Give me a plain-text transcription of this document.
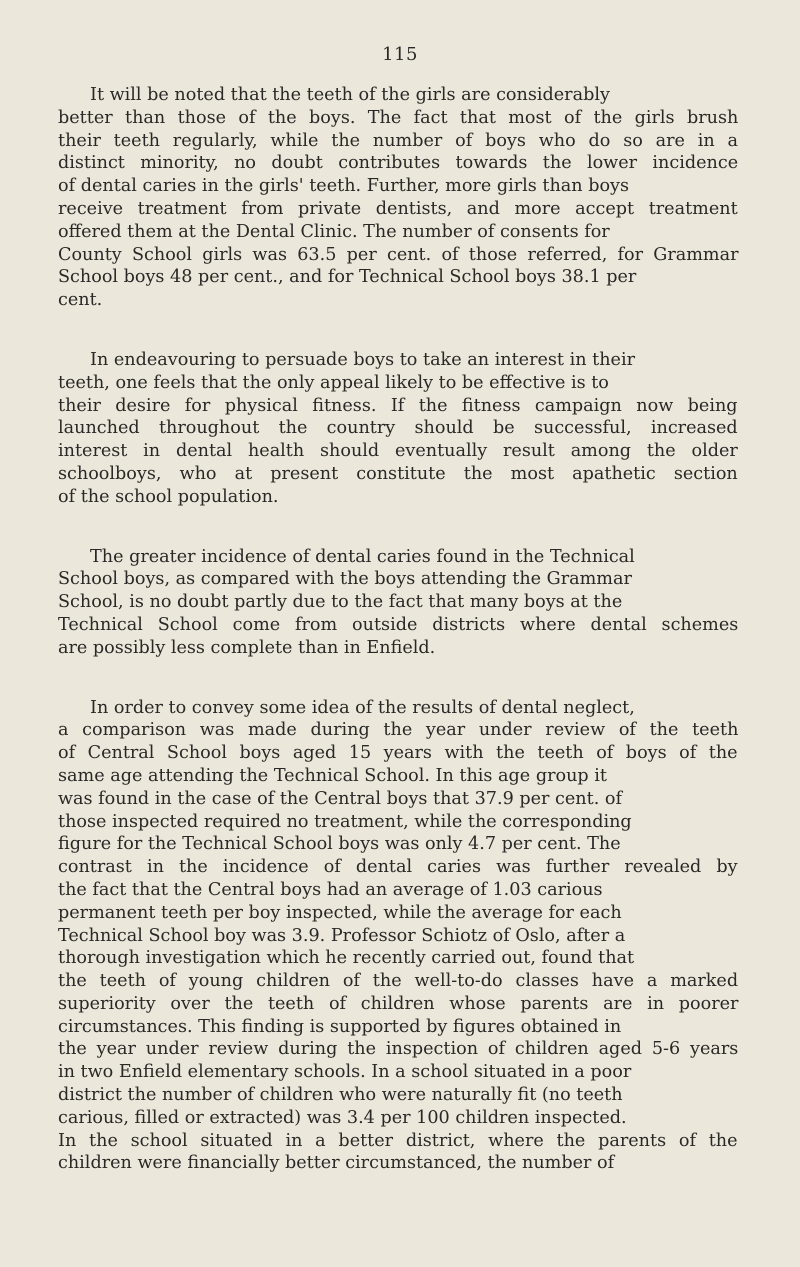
115

It will be noted that the teeth of the girls are considerably
better than those of the boys. The fact that most of the girls brush
their teeth regularly, while the number of boys who do so are in a
distinct minority, no doubt contributes towards the lower incidence
of dental caries in the girls' teeth. Further, more girls than boys
receive treatment from private dentists, and more accept treatment
offered them at the Dental Clinic. The number of consents for
County School girls was 63.5 per cent. of those referred, for Grammar
School boys 48 per cent., and for Technical School boys 38.1 per
cent.

In endeavouring to persuade boys to take an interest in their
teeth, one feels that the only appeal likely to be effective is to
their desire for physical fitness. If the fitness campaign now being
launched throughout the country should be successful, increased
interest in dental health should eventually result among the older
schoolboys, who at present constitute the most apathetic section
of the school population.

The greater incidence of dental caries found in the Technical
School boys, as compared with the boys attending the Grammar
School, is no doubt partly due to the fact that many boys at the
Technical School come from outside districts where dental schemes
are possibly less complete than in Enfield.

In order to convey some idea of the results of dental neglect,
a comparison was made during the year under review of the teeth
of Central School boys aged 15 years with the teeth of boys of the
same age attending the Technical School. In this age group it
was found in the case of the Central boys that 37.9 per cent. of
those inspected required no treatment, while the corresponding
figure for the Technical School boys was only 4.7 per cent. The
contrast in the incidence of dental caries was further revealed by
the fact that the Central boys had an average of 1.03 carious
permanent teeth per boy inspected, while the average for each
Technical School boy was 3.9. Professor Schiotz of Oslo, after a
thorough investigation which he recently carried out, found that
the teeth of young children of the well-to-do classes have a marked
superiority over the teeth of children whose parents are in poorer
circumstances. This finding is supported by figures obtained in
the year under review during the inspection of children aged 5-6 years
in two Enfield elementary schools. In a school situated in a poor
district the number of children who were naturally fit (no teeth
carious, filled or extracted) was 3.4 per 100 children inspected.
In the school situated in a better district, where the parents of the
children were financially better circumstanced, the number of
